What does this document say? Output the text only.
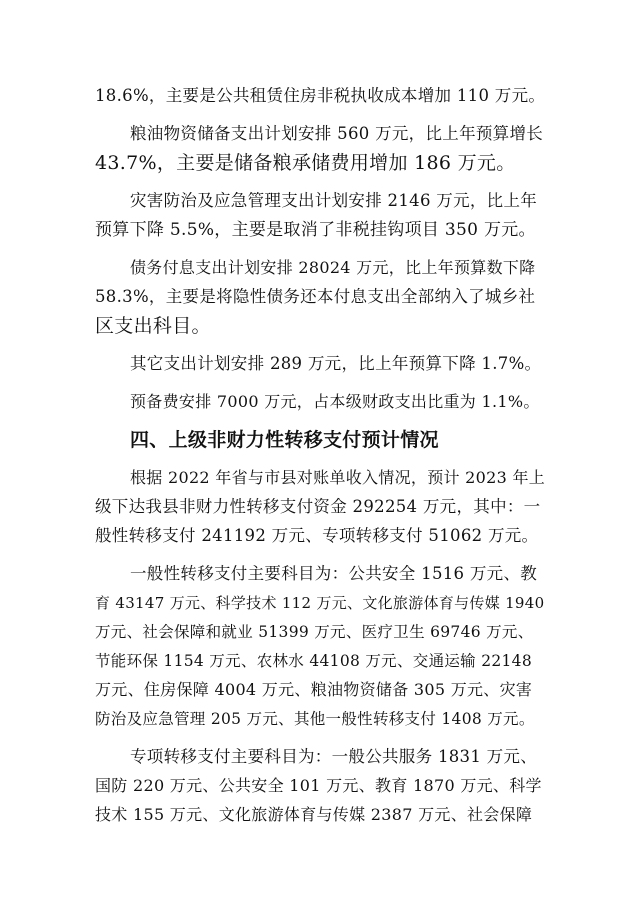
18.6%，主要是公共租赁住房非税执收成本增加 110 万元。
粮油物资储备支出计划安排 560 万元，比上年预算增长
43.7%，主要是储备粮承储费用增加 186 万元。
灾害防治及应急管理支出计划安排 2146 万元，比上年
预算下降 5.5%，主要是取消了非税挂钩项目 350 万元。
债务付息支出计划安排 28024 万元，比上年预算数下降
58.3%，主要是将隐性债务还本付息支出全部纳入了城乡社
区支出科目。
其它支出计划安排 289 万元，比上年预算下降 1.7%。
预备费安排 7000 万元，占本级财政支出比重为 1.1%。
四、上级非财力性转移支付预计情况
根据 2022 年省与市县对账单收入情况，预计 2023 年上
级下达我县非财力性转移支付资金 292254 万元，其中：一
般性转移支付 241192 万元、专项转移支付 51062 万元。
一般性转移支付主要科目为：公共安全 1516 万元、教
育 43147 万元、科学技术 112 万元、文化旅游体育与传媒 1940
万元、社会保障和就业 51399 万元、医疗卫生 69746 万元、
节能环保 1154 万元、农林水 44108 万元、交通运输 22148
万元、住房保障 4004 万元、粮油物资储备 305 万元、灾害
防治及应急管理 205 万元、其他一般性转移支付 1408 万元。
专项转移支付主要科目为：一般公共服务 1831 万元、
国防 220 万元、公共安全 101 万元、教育 1870 万元、科学
技术 155 万元、文化旅游体育与传媒 2387 万元、社会保障
